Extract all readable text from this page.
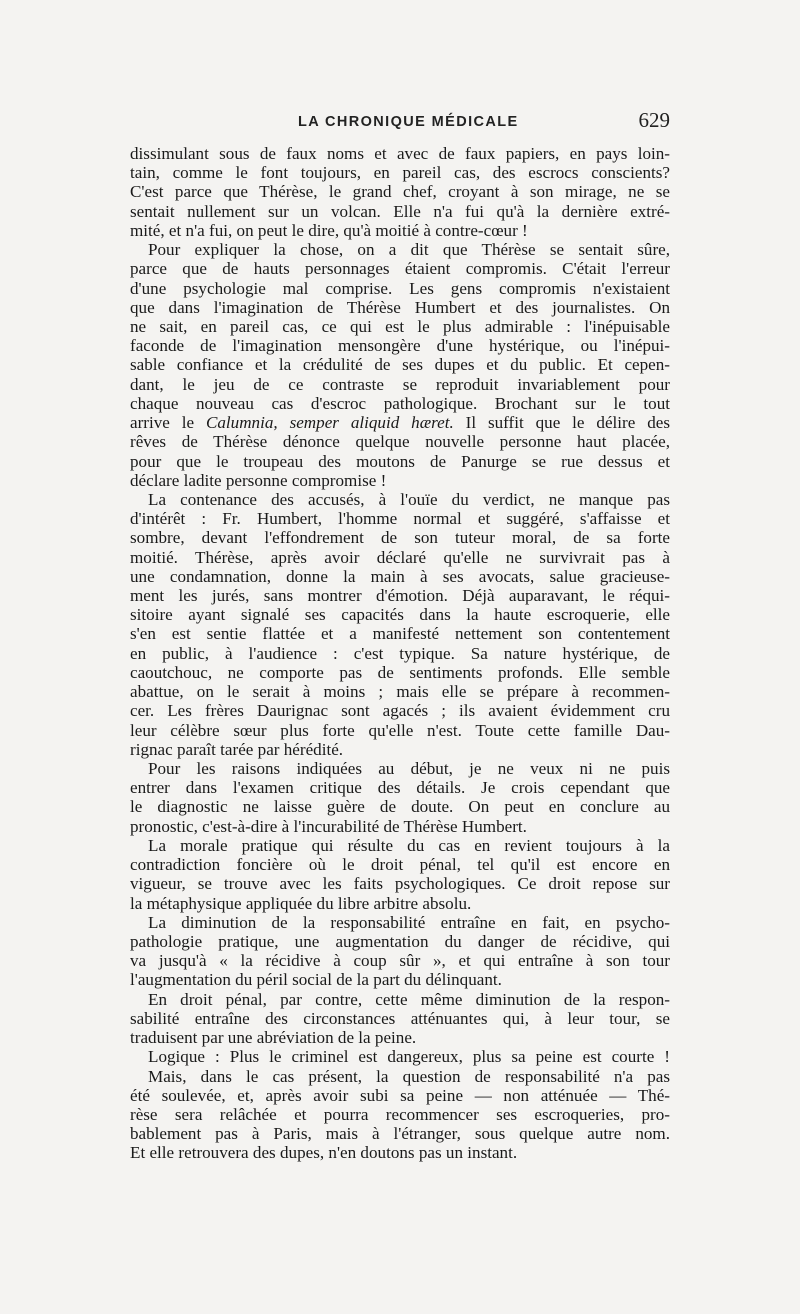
LA CHRONIQUE MÉDICALE	629
dissimulant sous de faux noms et avec de faux papiers, en pays loin-
tain, comme le font toujours, en pareil cas, des escrocs conscients?
C'est parce que Thérèse, le grand chef, croyant à son mirage, ne se
sentait nullement sur un volcan. Elle n'a fui qu'à la dernière extré-
mité, et n'a fui, on peut le dire, qu'à moitié à contre-cœur !
Pour expliquer la chose, on a dit que Thérèse se sentait sûre,
parce que de hauts personnages étaient compromis. C'était l'erreur
d'une psychologie mal comprise. Les gens compromis n'existaient
que dans l'imagination de Thérèse Humbert et des journalistes. On
ne sait, en pareil cas, ce qui est le plus admirable : l'inépuisable
faconde de l'imagination mensongère d'une hystérique, ou l'inépui-
sable confiance et la crédulité de ses dupes et du public. Et cepen-
dant, le jeu de ce contraste se reproduit invariablement pour
chaque nouveau cas d'escroc pathologique. Brochant sur le tout
arrive le Calumnia, semper aliquid hæret. Il suffit que le délire des
rêves de Thérèse dénonce quelque nouvelle personne haut placée,
pour que le troupeau des moutons de Panurge se rue dessus et
déclare ladite personne compromise !
La contenance des accusés, à l'ouïe du verdict, ne manque pas
d'intérêt : Fr. Humbert, l'homme normal et suggéré, s'affaisse et
sombre, devant l'effondrement de son tuteur moral, de sa forte
moitié. Thérèse, après avoir déclaré qu'elle ne survivrait pas à
une condamnation, donne la main à ses avocats, salue gracieuse-
ment les jurés, sans montrer d'émotion. Déjà auparavant, le réqui-
sitoire ayant signalé ses capacités dans la haute escroquerie, elle
s'en est sentie flattée et a manifesté nettement son contentement
en public, à l'audience : c'est typique. Sa nature hystérique, de
caoutchouc, ne comporte pas de sentiments profonds. Elle semble
abattue, on le serait à moins ; mais elle se prépare à recommen-
cer. Les frères Daurignac sont agacés ; ils avaient évidemment cru
leur célèbre sœur plus forte qu'elle n'est. Toute cette famille Dau-
rignac paraît tarée par hérédité.
Pour les raisons indiquées au début, je ne veux ni ne puis
entrer dans l'examen critique des détails. Je crois cependant que
le diagnostic ne laisse guère de doute. On peut en conclure au
pronostic, c'est-à-dire à l'incurabilité de Thérèse Humbert.
La morale pratique qui résulte du cas en revient toujours à la
contradiction foncière où le droit pénal, tel qu'il est encore en
vigueur, se trouve avec les faits psychologiques. Ce droit repose sur
la métaphysique appliquée du libre arbitre absolu.
La diminution de la responsabilité entraîne en fait, en psycho-
pathologie pratique, une augmentation du danger de récidive, qui
va jusqu'à « la récidive à coup sûr », et qui entraîne à son tour
l'augmentation du péril social de la part du délinquant.
En droit pénal, par contre, cette même diminution de la respon-
sabilité entraîne des circonstances atténuantes qui, à leur tour, se
traduisent par une abréviation de la peine.
Logique : Plus le criminel est dangereux, plus sa peine est courte !
Mais, dans le cas présent, la question de responsabilité n'a pas
été soulevée, et, après avoir subi sa peine — non atténuée — Thé-
rèse sera relâchée et pourra recommencer ses escroqueries, pro-
bablement pas à Paris, mais à l'étranger, sous quelque autre nom.
Et elle retrouvera des dupes, n'en doutons pas un instant.
